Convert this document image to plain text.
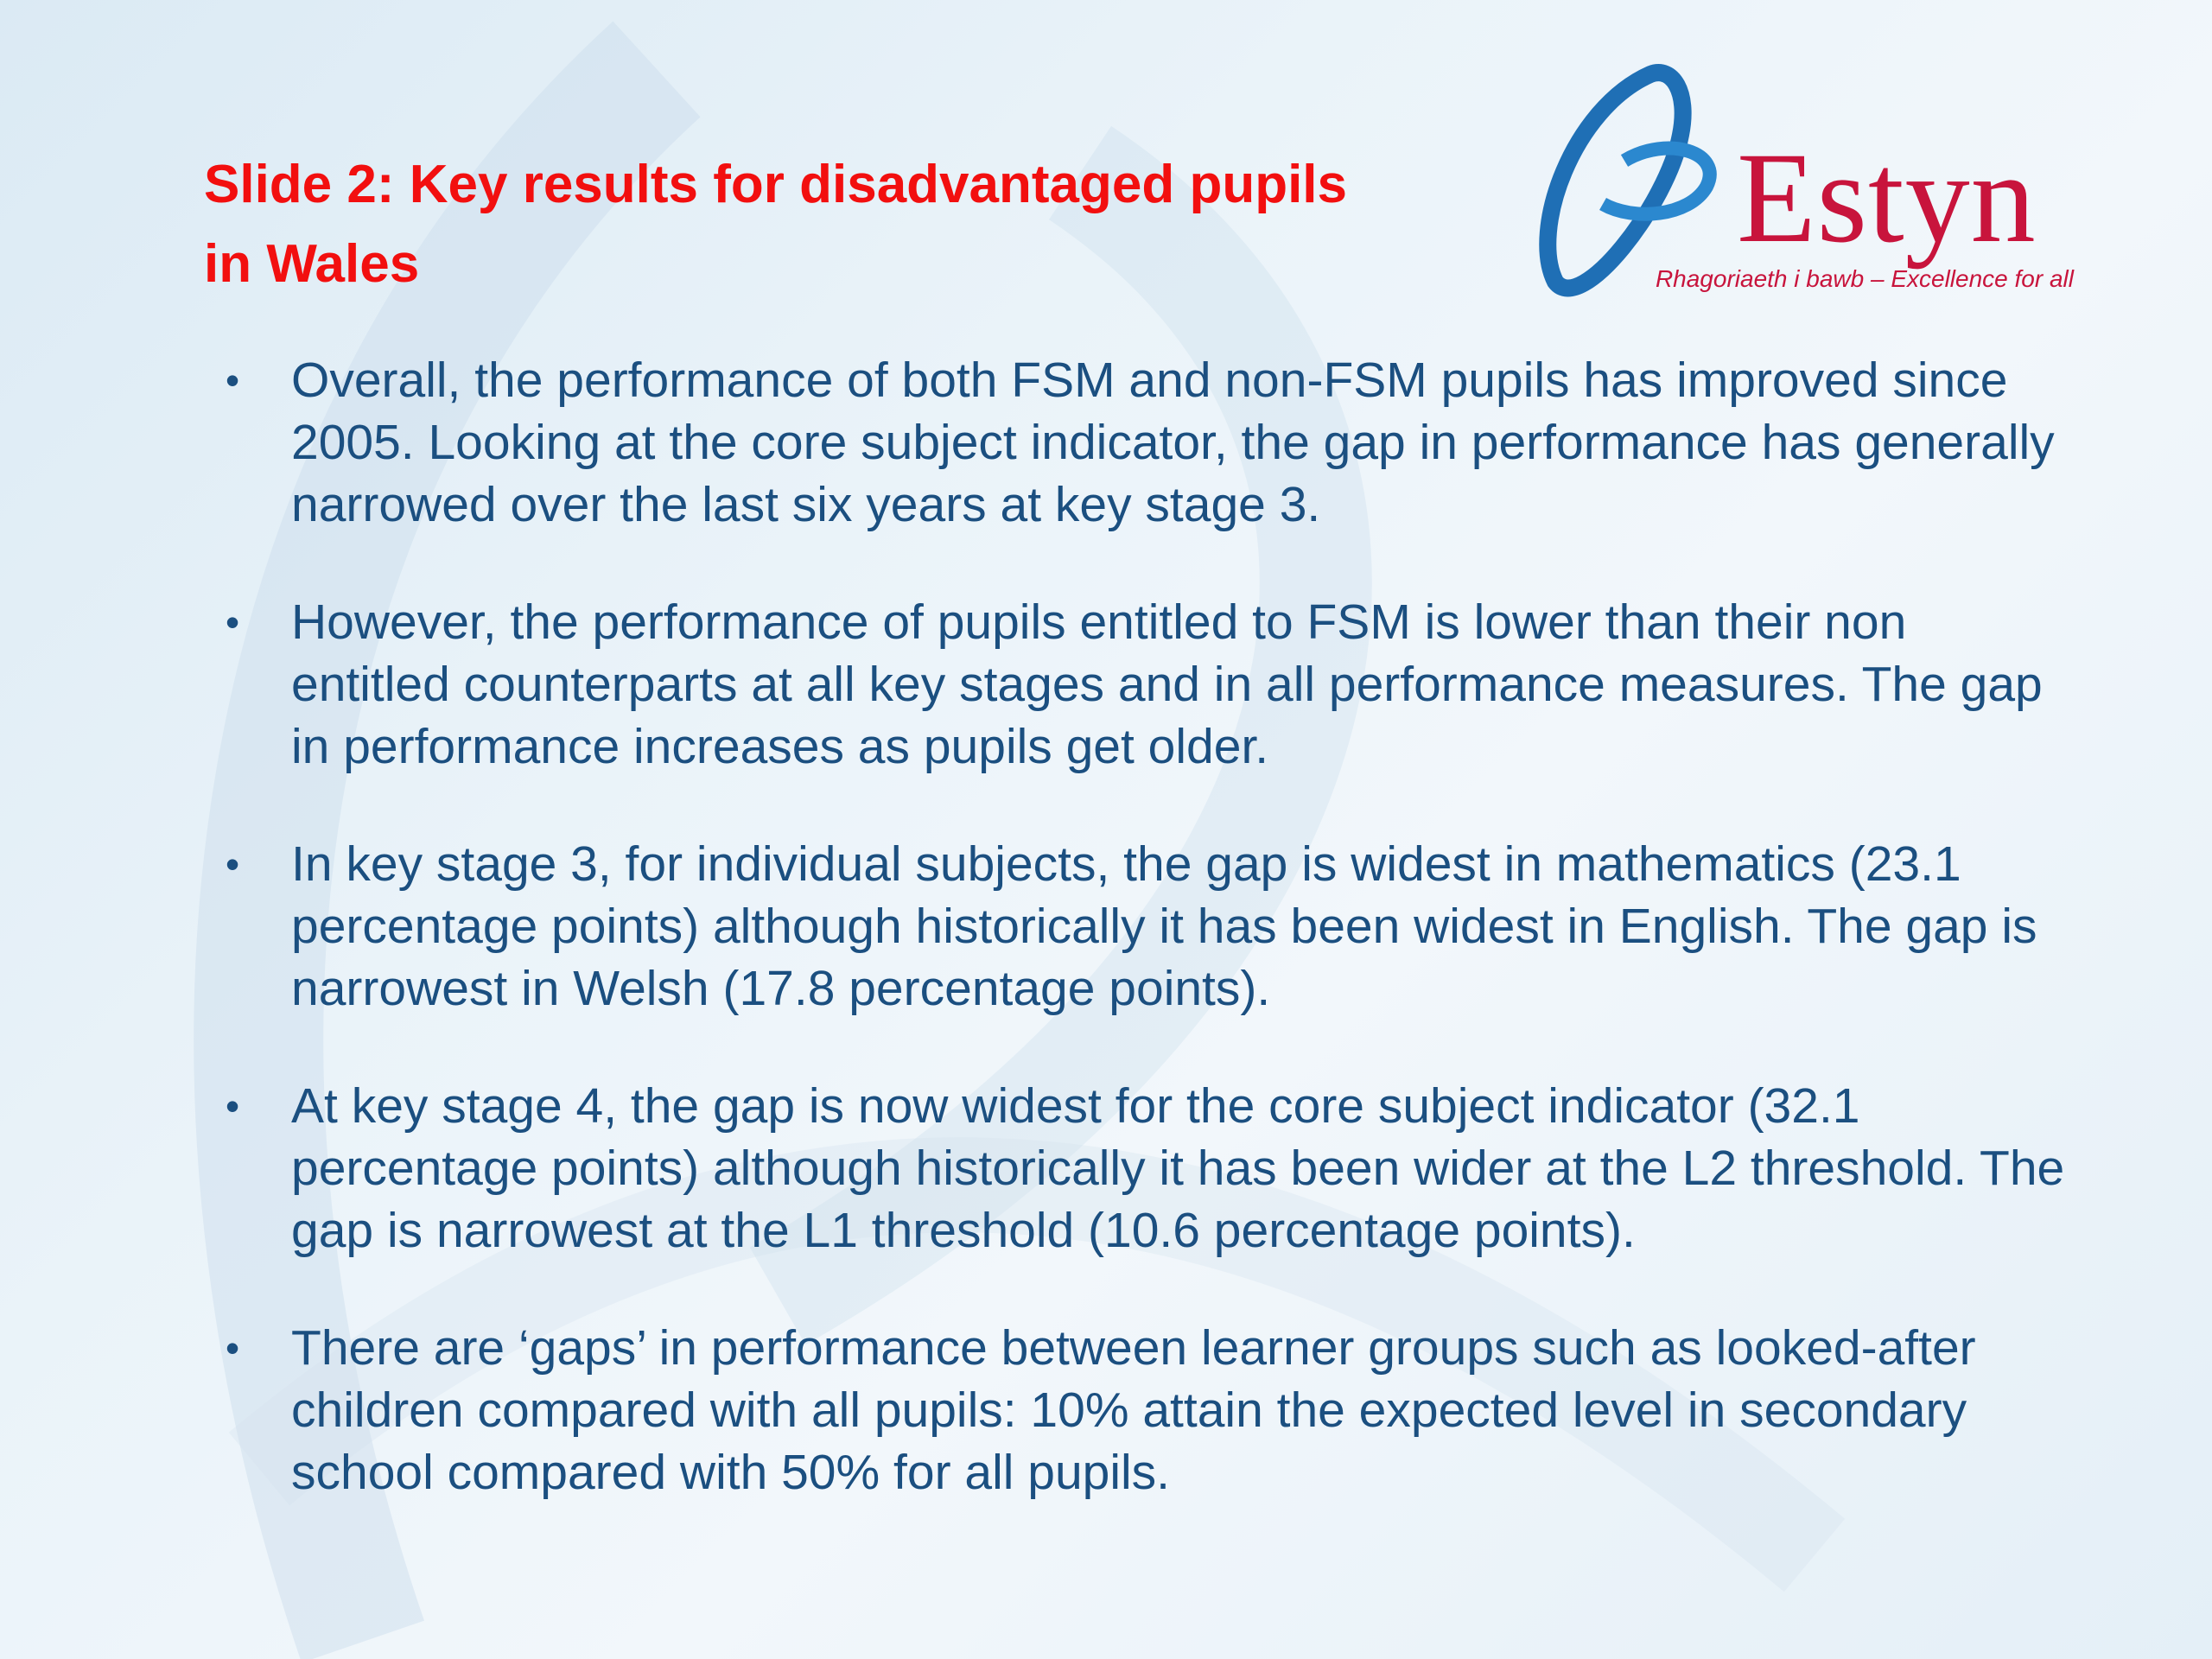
Slide 2: Key results for disadvantaged pupils
in Wales	Estyn
Rhagoriaeth i bawb – Excellence for all
• Overall, the performance of both FSM and non-FSM pupils has improved since 2005. Looking at the core subject indicator, the gap in performance has generally narrowed over the last six years at key stage 3.
• However, the performance of pupils entitled to FSM is lower than their non entitled counterparts at all key stages and in all performance measures. The gap in performance increases as pupils get older.
• In key stage 3, for individual subjects, the gap is widest in mathematics (23.1 percentage points) although historically it has been widest in English. The gap is narrowest in Welsh (17.8 percentage points).
• At key stage 4, the gap is now widest for the core subject indicator (32.1 percentage points) although historically it has been wider at the L2 threshold. The gap is narrowest at the L1 threshold (10.6 percentage points).
• There are ‘gaps’ in performance between learner groups such as looked-after children compared with all pupils: 10% attain the expected level in secondary school compared with 50% for all pupils.
